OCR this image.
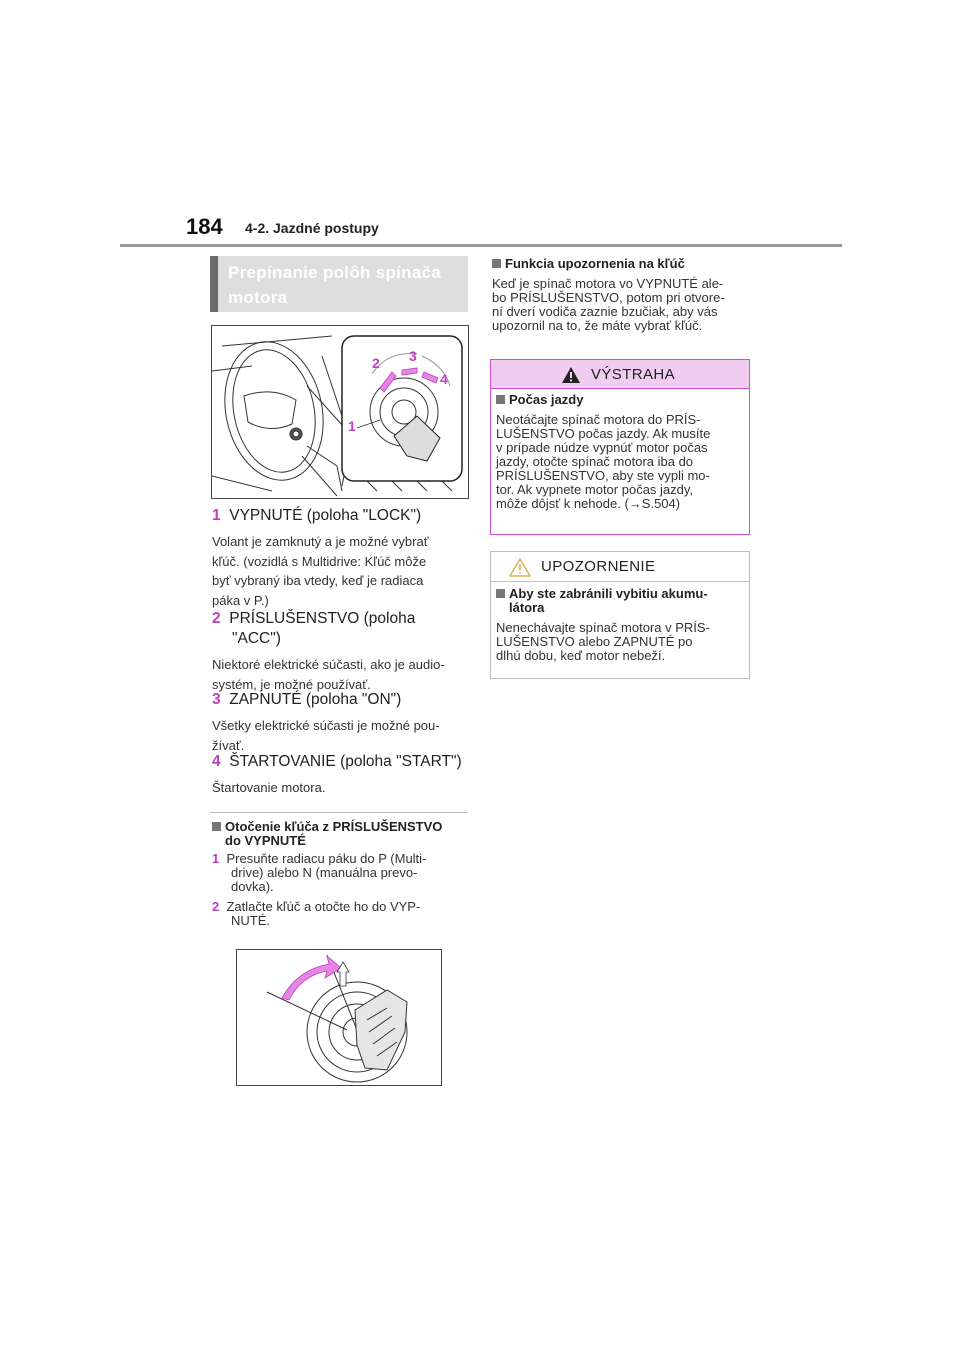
184 4-2. Jazdné postupy
Prepínanie polôh spínača motora
1
2 3
4
1 VYPNUTÉ (poloha "LOCK")
Volant je zamknutý a je možné vybrať
kľúč. (vozidlá s Multidrive: Kľúč môže
byť vybraný iba vtedy, keď je radiaca
páka v P.)
2 PRÍSLUŠENSTVO (poloha
"ACC")
Niektoré elektrické súčasti, ako je audio-
systém, je možné používať.
3 ZAPNUTÉ (poloha "ON")
Všetky elektrické súčasti je možné pou-
žívať.
4 ŠTARTOVANIE (poloha "START")
Štartovanie motora.
Otočenie kľúča z PRÍSLUŠENSTVO
do VYPNUTÉ
1 Presuňte radiacu páku do P (Multi-
drive) alebo N (manuálna prevo-
dovka).
2 Zatlačte kľúč a otočte ho do VYP-
NUTÉ.
Funkcia upozornenia na kľúč
Keď je spínač motora vo VYPNUTÉ ale-
bo PRÍSLUŠENSTVO, potom pri otvore-
ní dverí vodiča zaznie bzučiak, aby vás
upozornil na to, že máte vybrať kľúč.
VÝSTRAHA
Počas jazdy
Neotáčajte spínač motora do PRÍS-
LUŠENSTVO počas jazdy. Ak musíte
v prípade núdze vypnúť motor počas
jazdy, otočte spínač motora iba do
PRÍSLUŠENSTVO, aby ste vypli mo-
tor. Ak vypnete motor počas jazdy,
môže dôjsť k nehode. (→S.504)
UPOZORNENIE
Aby ste zabránili vybitiu akumu-
látora
Nenechávajte spínač motora v PRÍS-
LUŠENSTVO alebo ZAPNUTÉ po
dlhú dobu, keď motor nebeží.
